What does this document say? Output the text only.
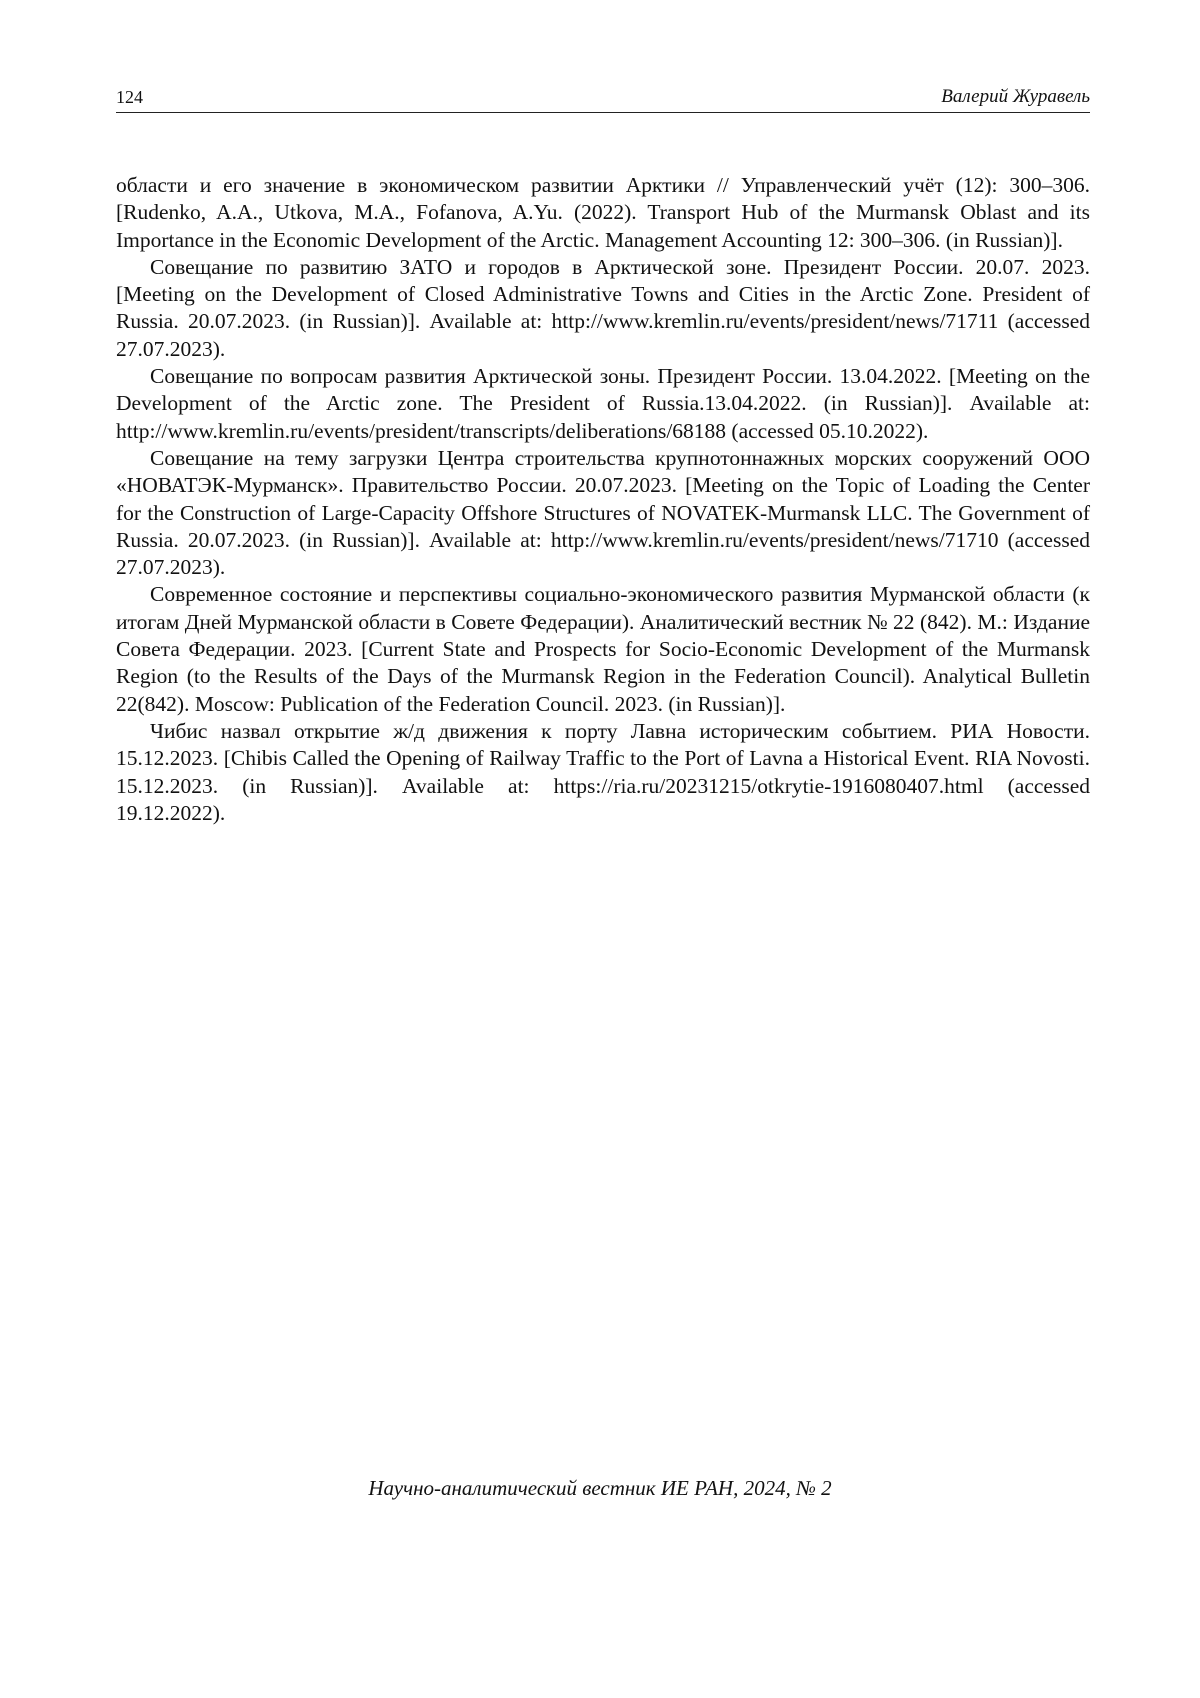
124	Валерий Журавель

области и его значение в экономическом развитии Арктики // Управленческий учёт (12): 300–306. [Rudenko, A.A., Utkova, M.A., Fofanova, A.Yu. (2022). Transport Hub of the Murmansk Oblast and its Importance in the Economic Development of the Arctic. Management Accounting 12: 300–306. (in Russian)].

Совещание по развитию ЗАТО и городов в Арктической зоне. Президент России. 20.07. 2023. [Meeting on the Development of Closed Administrative Towns and Cities in the Arctic Zone. President of Russia. 20.07.2023. (in Russian)]. Available at: http://www.kremlin.ru/events/president/news/71711 (accessed 27.07.2023).

Совещание по вопросам развития Арктической зоны. Президент России. 13.04.2022. [Meeting on the Development of the Arctic zone. The President of Russia.13.04.2022. (in Russian)]. Available at: http://www.kremlin.ru/events/president/transcripts/deliberations/68188 (accessed 05.10.2022).

Совещание на тему загрузки Центра строительства крупнотоннажных морских сооружений ООО «НОВАТЭК-Мурманск». Правительство России. 20.07.2023. [Meeting on the Topic of Loading the Center for the Construction of Large-Capacity Offshore Structures of NOVATEK-Murmansk LLC. The Government of Russia. 20.07.2023. (in Russian)]. Available at: http://www.kremlin.ru/events/president/news/71710 (accessed 27.07.2023).

Современное состояние и перспективы социально-экономического развития Мурманской области (к итогам Дней Мурманской области в Совете Федерации). Аналитический вестник № 22 (842). М.: Издание Совета Федерации. 2023. [Current State and Prospects for Socio-Economic Development of the Murmansk Region (to the Results of the Days of the Murmansk Region in the Federation Council). Analytical Bulletin 22(842). Moscow: Publication of the Federation Council. 2023. (in Russian)].

Чибис назвал открытие ж/д движения к порту Лавна историческим событием. РИА Новости. 15.12.2023. [Chibis Called the Opening of Railway Traffic to the Port of Lavna a Historical Event. RIA Novosti. 15.12.2023. (in Russian)]. Available at: https://ria.ru/20231215/otkrytie-1916080407.html (accessed 19.12.2022).

Научно-аналитический вестник ИЕ РАН, 2024, № 2
